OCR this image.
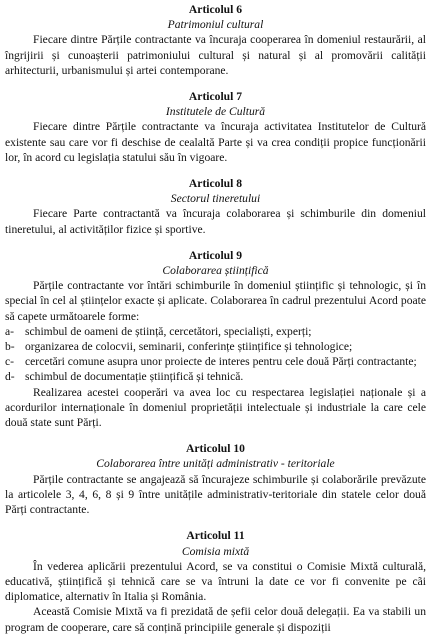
Articolul 6
Patrimoniul cultural

Fiecare dintre Părțile contractante va încuraja cooperarea în domeniul restaurării, al îngrijirii și cunoașterii patrimoniului cultural și natural și al promovării calității arhitecturii, urbanismului și artei contemporane.

Articolul 7
Institutele de Cultură

Fiecare dintre Părțile contractante va încuraja activitatea Institutelor de Cultură existente sau care vor fi deschise de cealaltă Parte și va crea condiții propice funcționării lor, în acord cu legislația statului său în vigoare.

Articolul 8
Sectorul tineretului

Fiecare Parte contractantă va încuraja colaborarea și schimburile din domeniul tineretului, al activităților fizice și sportive.

Articolul 9
Colaborarea științifică

Părțile contractante vor întări schimburile în domeniul științific și tehnologic, și în special în cel al științelor exacte și aplicate. Colaborarea în cadrul prezentului Acord poate să capete următoarele forme:

a- schimbul de oameni de știință, cercetători, specialiști, experți;
b- organizarea de colocvii, seminarii, conferințe științifice și tehnologice;
c- cercetări comune asupra unor proiecte de interes pentru cele două Părți contractante;
d- schimbul de documentație științifică și tehnică.

Realizarea acestei cooperări va avea loc cu respectarea legislației naționale și a acordurilor internaționale în domeniul proprietății intelectuale și industriale la care cele două state sunt Părți.

Articolul 10
Colaborarea între unități administrativ - teritoriale

Părțile contractante se angajează să încurajeze schimburile și colaborările prevăzute la articolele 3, 4, 6, 8 și 9 între unitățile administrativ-teritoriale din statele celor două Părți contractante.

Articolul 11
Comisia mixtă

În vederea aplicării prezentului Acord, se va constitui o Comisie Mixtă culturală, educativă, științifică și tehnică care se va întruni la date ce vor fi convenite pe cãi diplomatice, alternativ în Italia și România.

Această Comisie Mixtă va fi prezidată de șefii celor două delegații. Ea va stabili un program de cooperare, care să conțină principiile generale și dispoziții
